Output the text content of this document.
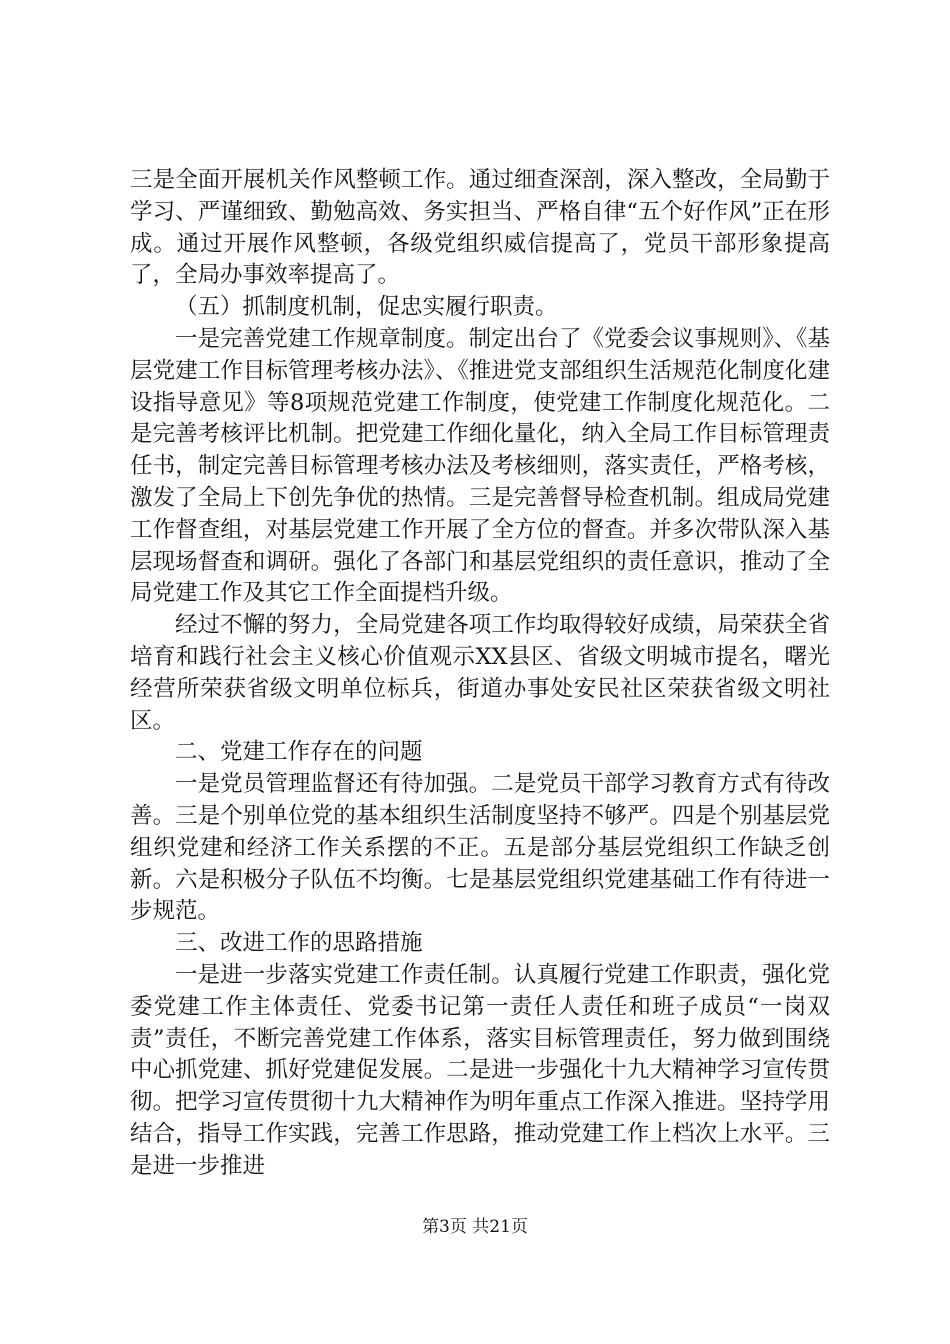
三是全面开展机关作风整顿工作。通过细查深剖，深入整改，全局勤于学习、严谨细致、勤勉高效、务实担当、严格自律“五个好作风”正在形成。通过开展作风整顿，各级党组织威信提高了，党员干部形象提高了，全局办事效率提高了。

（五）抓制度机制，促忠实履行职责。

一是完善党建工作规章制度。制定出台了《党委会议事规则》、《基层党建工作目标管理考核办法》、《推进党支部组织生活规范化制度化建设指导意见》等8项规范党建工作制度，使党建工作制度化规范化。二是完善考核评比机制。把党建工作细化量化，纳入全局工作目标管理责任书，制定完善目标管理考核办法及考核细则，落实责任，严格考核，激发了全局上下创先争优的热情。三是完善督导检查机制。组成局党建工作督查组，对基层党建工作开展了全方位的督查。并多次带队深入基层现场督查和调研。强化了各部门和基层党组织的责任意识，推动了全局党建工作及其它工作全面提档升级。

经过不懈的努力，全局党建各项工作均取得较好成绩，局荣获全省培育和践行社会主义核心价值观示XX县区、省级文明城市提名，曙光经营所荣获省级文明单位标兵，街道办事处安民社区荣获省级文明社区。

二、党建工作存在的问题

一是党员管理监督还有待加强。二是党员干部学习教育方式有待改善。三是个别单位党的基本组织生活制度坚持不够严。四是个别基层党组织党建和经济工作关系摆的不正。五是部分基层党组织工作缺乏创新。六是积极分子队伍不均衡。七是基层党组织党建基础工作有待进一步规范。

三、改进工作的思路措施

一是进一步落实党建工作责任制。认真履行党建工作职责，强化党委党建工作主体责任、党委书记第一责任人责任和班子成员“一岗双责”责任，不断完善党建工作体系，落实目标管理责任，努力做到围绕中心抓党建、抓好党建促发展。二是进一步强化十九大精神学习宣传贯彻。把学习宣传贯彻十九大精神作为明年重点工作深入推进。坚持学用结合，指导工作实践，完善工作思路，推动党建工作上档次上水平。三是进一步推进

第3页 共21页
